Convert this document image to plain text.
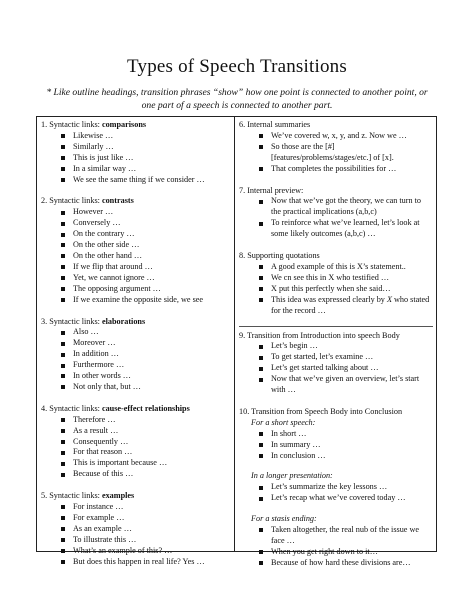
Types of Speech Transitions
* Like outline headings, transition phrases “show” how one point is connected to another point, or one part of a speech is connected to another part.
1. Syntactic links: comparisons
Likewise …
Similarly …
This is just like …
In a similar way …
We see the same thing if we consider …
2. Syntactic links: contrasts
However …
Conversely …
On the contrary …
On the other side …
On the other hand …
If we flip that around …
Yet, we cannot ignore …
The opposing argument …
If we examine the opposite side, we see
3. Syntactic links: elaborations
Also …
Moreover …
In addition …
Furthermore …
In other words …
Not only that, but …
4. Syntactic links: cause-effect relationships
Therefore …
As a result …
Consequently …
For that reason …
This is important because …
Because of this …
5. Syntactic links: examples
For instance …
For example …
As an example …
To illustrate this …
What’s an example of this? …
But does this happen in real life? Yes …
6. Internal summaries
We’ve covered w, x, y, and z. Now we …
So those are the [#] [features/problems/stages/etc.] of [x].
That completes the possibilities for …
7. Internal preview:
Now that we’ve got the theory, we can turn to the practical implications (a,b,c)
To reinforce what we’ve learned, let’s look at some likely outcomes (a,b,c) …
8. Supporting quotations
A good example of this is X’s statement..
We cn see this in X who testified …
X put this perfectly when she said…
This idea was expressed clearly by X who stated for the record …
9. Transition from Introduction into speech Body
Let’s begin …
To get started, let’s examine …
Let’s get started talking about …
Now that we’ve given an overview, let’s start with …
10. Transition from Speech Body into Conclusion
For a short speech:
In short …
In summary …
In conclusion …
In a longer presentation:
Let’s summarize the key lessons …
Let’s recap what we’ve covered today …
For a stasis ending:
Taken altogether, the real nub of the issue we face …
When you get right down to it…
Because of how hard these divisions are…
